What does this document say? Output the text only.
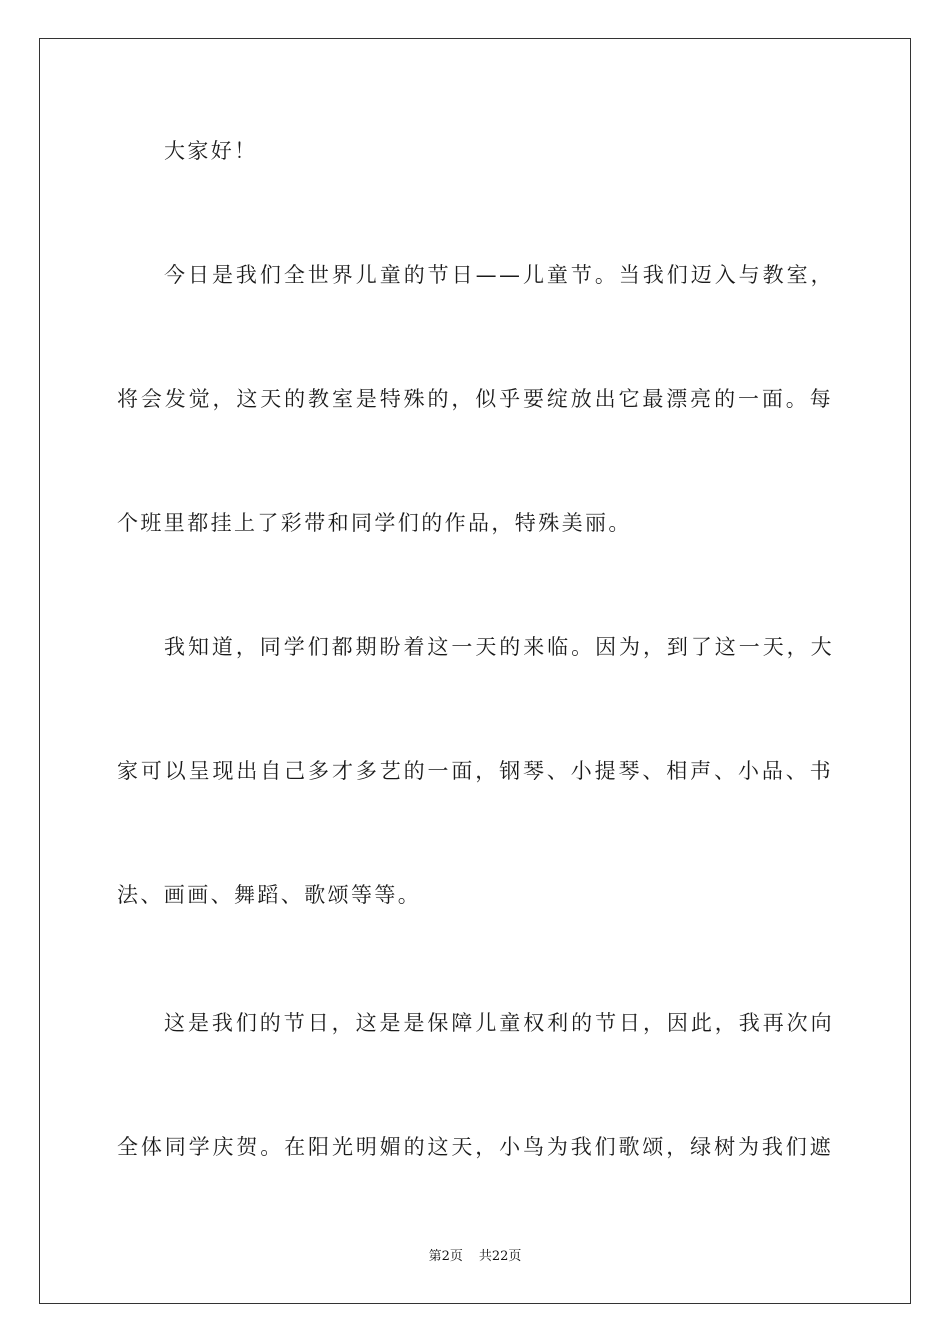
大家好！
今日是我们全世界儿童的节日——儿童节。当我们迈入与教室，
将会发觉，这天的教室是特殊的，似乎要绽放出它最漂亮的一面。每
个班里都挂上了彩带和同学们的作品，特殊美丽。
我知道，同学们都期盼着这一天的来临。因为，到了这一天，大
家可以呈现出自己多才多艺的一面，钢琴、小提琴、相声、小品、书
法、画画、舞蹈、歌颂等等。
这是我们的节日，这是是保障儿童权利的节日，因此，我再次向
全体同学庆贺。在阳光明媚的这天，小鸟为我们歌颂，绿树为我们遮
第2页 共22页
